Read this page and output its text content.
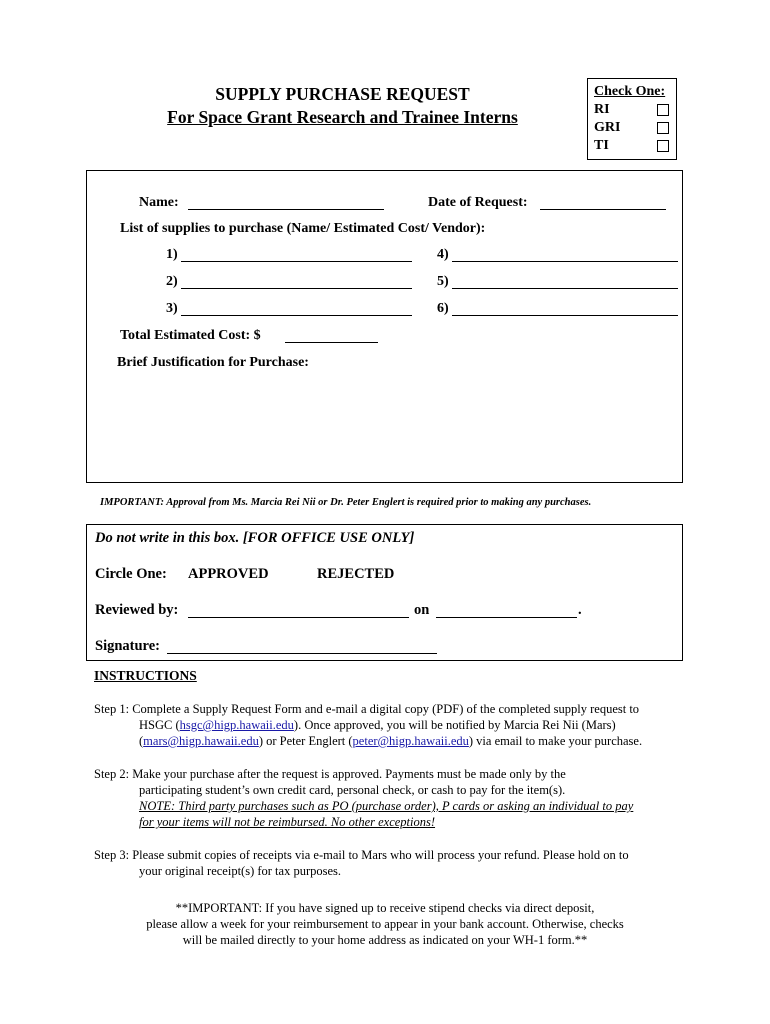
SUPPLY PURCHASE REQUEST
For Space Grant Research and Trainee Interns
Check One:
RI
GRI
TI
Name:	Date of Request:
List of supplies to purchase (Name/ Estimated Cost/ Vendor):
1)
2)
3)
4)
5)
6)
Total Estimated Cost: $
Brief Justification for Purchase:
IMPORTANT: Approval from Ms. Marcia Rei Nii or Dr. Peter Englert is required prior to making any purchases.
Do not write in this box. [FOR OFFICE USE ONLY]
Circle One: APPROVED	REJECTED
Reviewed by:	on	.
Signature:
INSTRUCTIONS
Step 1: Complete a Supply Request Form and e-mail a digital copy (PDF) of the completed supply request to
HSGC (hsgc@higp.hawaii.edu). Once approved, you will be notified by Marcia Rei Nii (Mars)
(mars@higp.hawaii.edu) or Peter Englert (peter@higp.hawaii.edu) via email to make your purchase.
Step 2: Make your purchase after the request is approved. Payments must be made only by the
participating student’s own credit card, personal check, or cash to pay for the item(s).
NOTE: Third party purchases such as PO (purchase order), P cards or asking an individual to pay
for your items will not be reimbursed. No other exceptions!
Step 3: Please submit copies of receipts via e-mail to Mars who will process your refund. Please hold on to
your original receipt(s) for tax purposes.
**IMPORTANT: If you have signed up to receive stipend checks via direct deposit,
please allow a week for your reimbursement to appear in your bank account. Otherwise, checks
will be mailed directly to your home address as indicated on your WH-1 form.**
